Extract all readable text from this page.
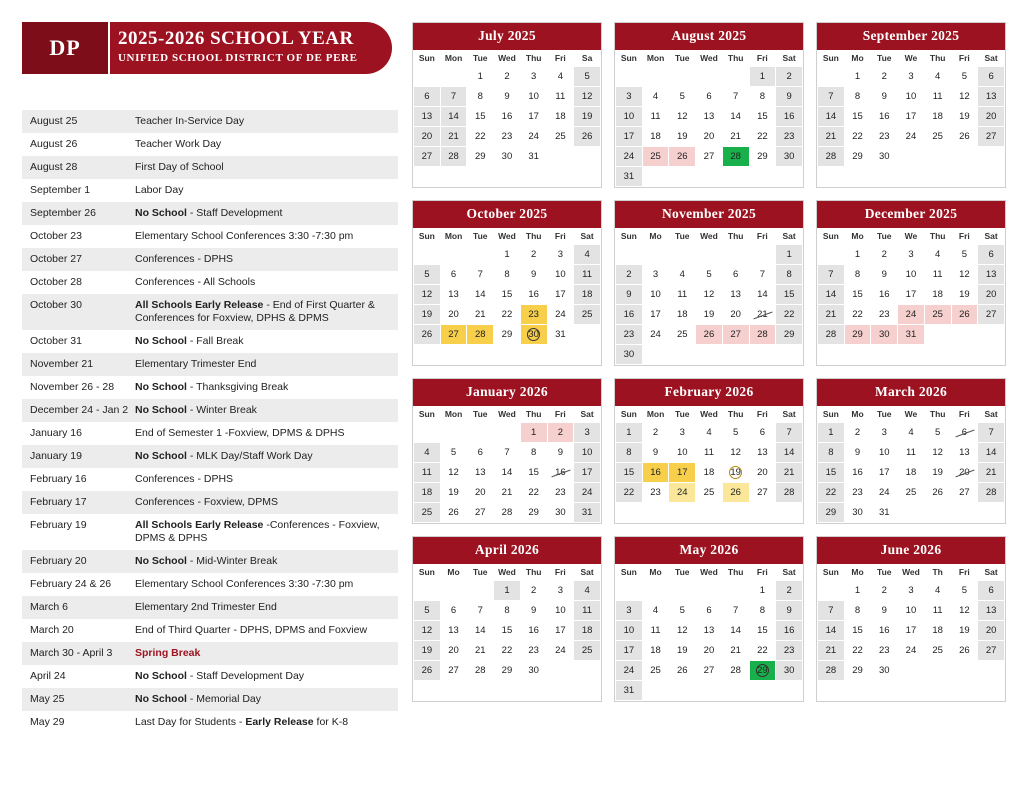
DP 2025-2026 SCHOOL YEAR
UNIFIED SCHOOL DISTRICT OF DE PERE
August 25	Teacher In-Service Day
August 26	Teacher Work Day
August 28	First Day of School
September 1	Labor Day
September 26	No School - Staff Development
October 23	Elementary School Conferences 3:30 -7:30 pm
October 27	Conferences - DPHS
October 28	Conferences - All Schools
October 30	All Schools Early Release - End of First Quarter & Conferences for Foxview, DPHS & DPMS
October 31	No School - Fall Break
November 21	Elementary Trimester End
November 26 - 28	No School - Thanksgiving Break
December 24 - Jan 2 No School - Winter Break
January 16	End of Semester 1 -Foxview, DPMS & DPHS
January 19	No School - MLK Day/Staff Work Day
February 16	Conferences - DPHS
February 17	Conferences - Foxview, DPMS
February 19	All Schools Early Release -Conferences - Foxview, DPMS & DPHS
February 20	No School - Mid-Winter Break
February 24 & 26	Elementary School Conferences 3:30 -7:30 pm
March 6	Elementary 2nd Trimester End
March 20	End of Third Quarter - DPHS, DPMS and Foxview
March 30 - April 3	Spring Break
April 24	No School - Staff Development Day
May 25	No School - Memorial Day
May 29	Last Day for Students - Early Release for K-8
July 2025
Sun	Mon	Tue	Wed	Thu	Fri	Sa
		1	2	3	4	5
6	7	8	9	10	11	12
13	14	15	16	17	18	19
20	21	22	23	24	25	26
27	28	29	30	31		
August 2025
Sun	Mon	Tue	Wed	Thu	Fri	Sat
					1	2
3	4	5	6	7	8	9
10	11	12	13	14	15	16
17	18	19	20	21	22	23
24	25	26	27	28	29	30
31						
September 2025
Sun	Mo	Tue	We	Thu	Fri	Sat
	1	2	3	4	5	6
7	8	9	10	11	12	13
14	15	16	17	18	19	20
21	22	23	24	25	26	27
28	29	30				
October 2025
Sun	Mon	Tue	Wed	Thu	Fri	Sat
			1	2	3	4
5	6	7	8	9	10	11
12	13	14	15	16	17	18
19	20	21	22	23	24	25
26	27	28	29	30	31	
November 2025
Sun	Mo	Tue	Wed	Thu	Fri	Sat
						1
2	3	4	5	6	7	8
9	10	11	12	13	14	15
16	17	18	19	20	21	22
23	24	25	26	27	28	29
30						
December 2025
Sun	Mo	Tue	We	Thu	Fri	Sat
	1	2	3	4	5	6
7	8	9	10	11	12	13
14	15	16	17	18	19	20
21	22	23	24	25	26	27
28	29	30	31			
January 2026
Sun	Mon	Tue	Wed	Thu	Fri	Sat
				1	2	3
4	5	6	7	8	9	10
11	12	13	14	15	16	17
18	19	20	21	22	23	24
25	26	27	28	29	30	31
February 2026
Sun	Mon	Tue	Wed	Thu	Fri	Sat
1	2	3	4	5	6	7
8	9	10	11	12	13	14
15	16	17	18	19	20	21
22	23	24	25	26	27	28
March 2026
Sun	Mo	Tue	We	Thu	Fri	Sat
1	2	3	4	5	6	7
8	9	10	11	12	13	14
15	16	17	18	19	20	21
22	23	24	25	26	27	28
29	30	31				
April 2026
Sun	Mo	Tue	Wed	Thu	Fri	Sat
			1	2	3	4
5	6	7	8	9	10	11
12	13	14	15	16	17	18
19	20	21	22	23	24	25
26	27	28	29	30		
May 2026
Sun	Mo	Tue	Wed	Thu	Fri	Sat
					1	2
3	4	5	6	7	8	9
10	11	12	13	14	15	16
17	18	19	20	21	22	23
24	25	26	27	28	29	30
31						
June 2026
Sun	Mo	Tue	Wed	Th	Fri	Sat
	1	2	3	4	5	6
7	8	9	10	11	12	13
14	15	16	17	18	19	20
21	22	23	24	25	26	27
28	29	30				
